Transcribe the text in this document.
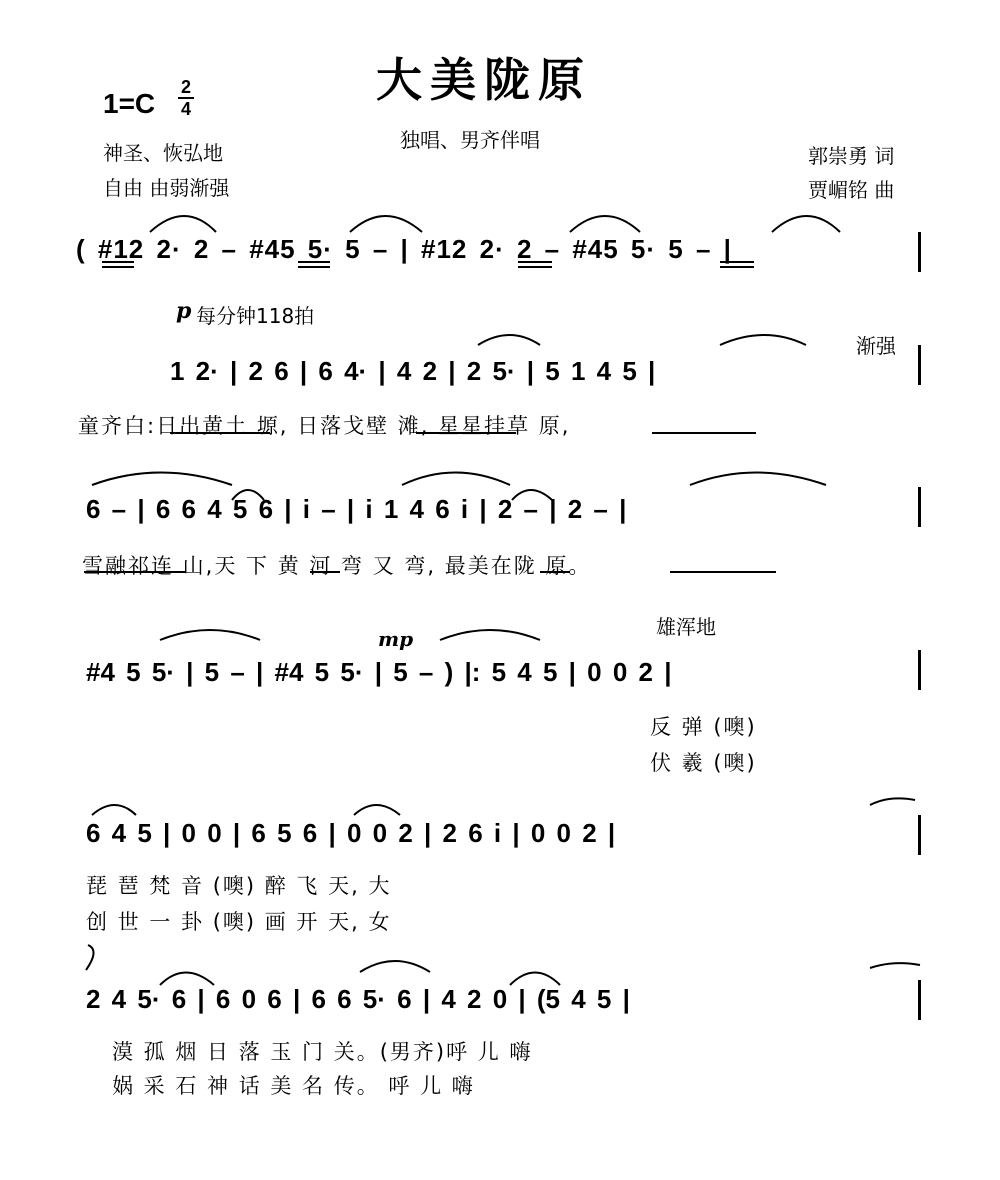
大美陇原
1=C
2
4
独唱、男齐伴唱
神圣、恢弘地
自由 由弱渐强
郭崇勇 词
贾嵋铭 曲
( #12 2· 2 – #45 5· 5 – | #12 2· 2 – #45 5· 5 – |
p 每分钟118拍
渐强
1 2· | 2 6 | 6 4· | 4 2 | 2 5· | 5 1 4 5 |
童齐白:日出黄土 塬, 日落戈壁 滩, 星星挂草 原,
6 – | 6 6 4 5 6 | i – | i 1 4 6 i | 2 – | 2 – |
雪融祁连 山,天 下 黄 河 弯 又 弯, 最美在陇 原。
雄浑地
mp
#4 5 5· | 5 – | #4 5 5· | 5 – ) |: 5 4 5 | 0 0 2 |
反 弹 (噢)
伏 羲 (噢)
6 4 5 | 0 0 | 6 5 6 | 0 0 2 | 2 6 i | 0 0 2 |
琵 琶 梵 音 (噢) 醉 飞 天, 大
创 世 一 卦 (噢) 画 开 天, 女
2 4 5· 6 | 6 0 6 | 6 6 5· 6 | 4 2 0 | (5 4 5 |
漠 孤 烟 日 落 玉 门 关。(男齐)呼 儿 嗨
娲 采 石 神 话 美 名 传。 呼 儿 嗨
